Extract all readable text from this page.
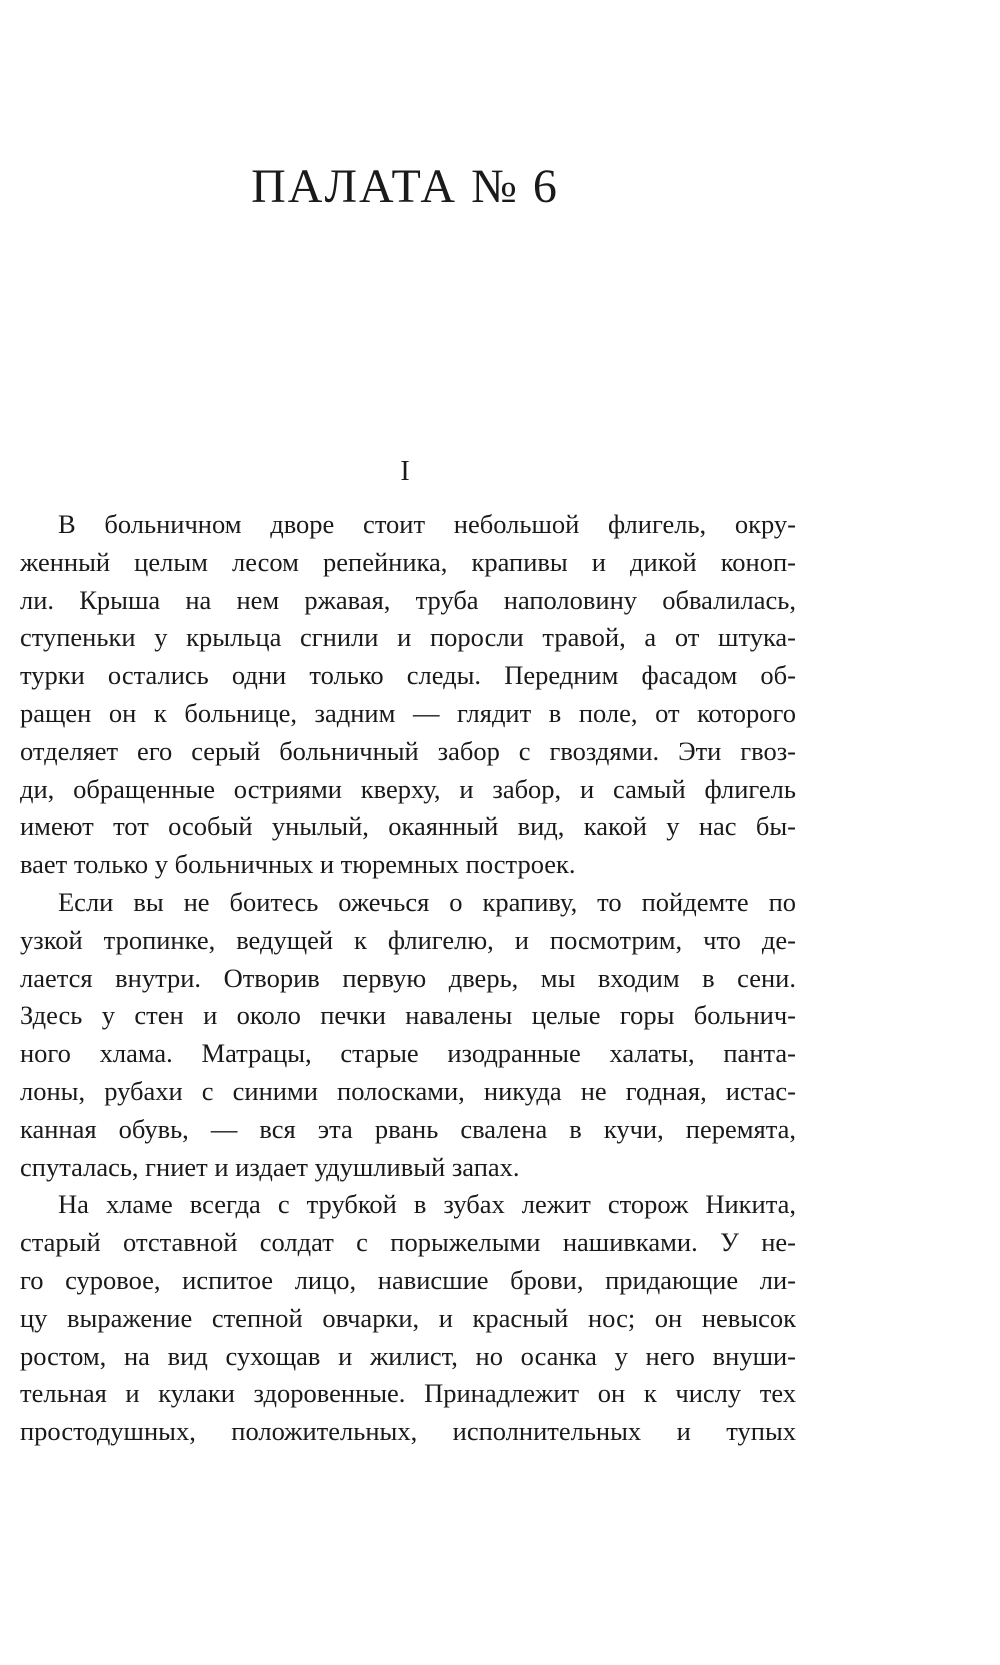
ПАЛАТА № 6
I
В больничном дворе стоит небольшой флигель, окру-
женный целым лесом репейника, крапивы и дикой коноп-
ли. Крыша на нем ржавая, труба наполовину обвалилась,
ступеньки у крыльца сгнили и поросли травой, а от штука-
турки остались одни только следы. Передним фасадом об-
ращен он к больнице, задним — глядит в поле, от которого
отделяет его серый больничный забор с гвоздями. Эти гвоз-
ди, обращенные остриями кверху, и забор, и самый флигель
имеют тот особый унылый, окаянный вид, какой у нас бы-
вает только у больничных и тюремных построек.
Если вы не боитесь ожечься о крапиву, то пойдемте по
узкой тропинке, ведущей к флигелю, и посмотрим, что де-
лается внутри. Отворив первую дверь, мы входим в сени.
Здесь у стен и около печки навалены целые горы больнич-
ного хлама. Матрацы, старые изодранные халаты, панта-
лоны, рубахи с синими полосками, никуда не годная, истас-
канная обувь, — вся эта рвань свалена в кучи, перемята,
спуталась, гниет и издает удушливый запах.
На хламе всегда с трубкой в зубах лежит сторож Никита,
старый отставной солдат с порыжелыми нашивками. У не-
го суровое, испитое лицо, нависшие брови, придающие ли-
цу выражение степной овчарки, и красный нос; он невысок
ростом, на вид сухощав и жилист, но осанка у него внуши-
тельная и кулаки здоровенные. Принадлежит он к числу тех
простодушных, положительных, исполнительных и тупых
